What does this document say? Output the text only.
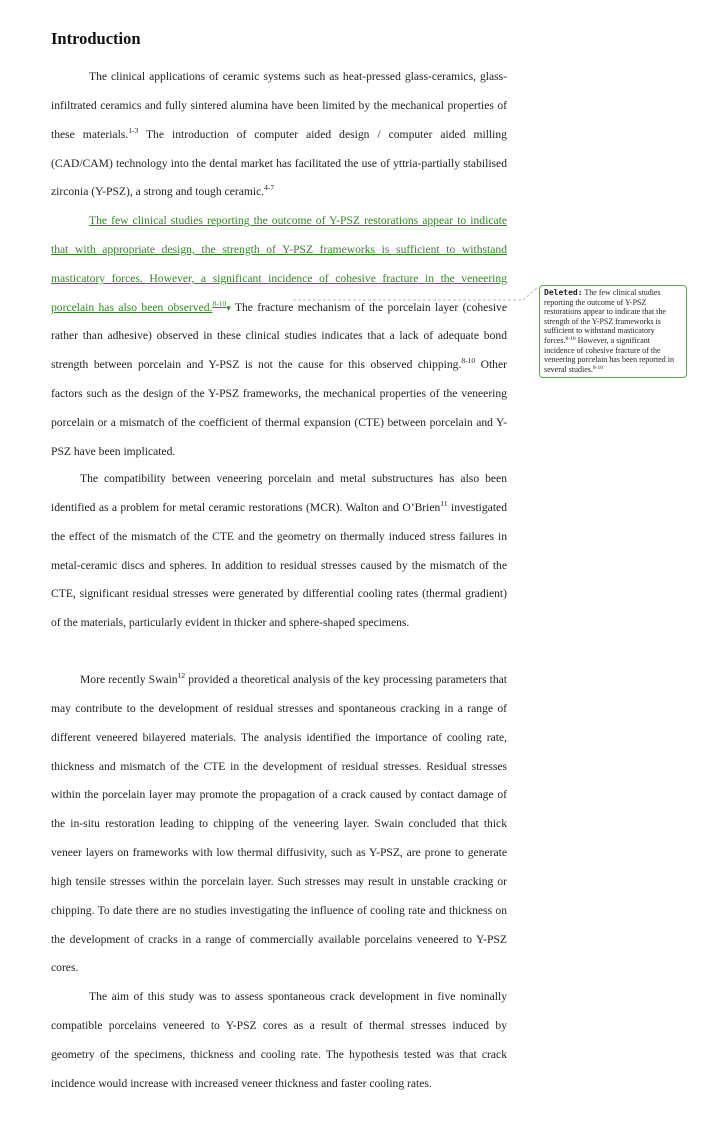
Introduction

The clinical applications of ceramic systems such as heat-pressed glass-ceramics, glass-infiltrated ceramics and fully sintered alumina have been limited by the mechanical properties of these materials.$^{1-3}$ The introduction of computer aided design / computer aided milling (CAD/CAM) technology into the dental market has facilitated the use of yttria-partially stabilised zirconia (Y-PSZ), a strong and tough ceramic.$^{4-7}$

The few clinical studies reporting the outcome of Y-PSZ restorations appear to indicate that with appropriate design, the strength of Y-PSZ frameworks is sufficient to withstand masticatory forces. However, a significant incidence of cohesive fracture in the veneering porcelain has also been observed.$^{8-10}$▾ The fracture mechanism of the porcelain layer (cohesive rather than adhesive) observed in these clinical studies indicates that a lack of adequate bond strength between porcelain and Y-PSZ is not the cause for this observed chipping.$^{8-10}$ Other factors such as the design of the Y-PSZ frameworks, the mechanical properties of the veneering porcelain or a mismatch of the coefficient of thermal expansion (CTE) between porcelain and Y-PSZ have been implicated.

The compatibility between veneering porcelain and metal substructures has also been identified as a problem for metal ceramic restorations (MCR). Walton and O’Brien$^{11}$ investigated the effect of the mismatch of the CTE and the geometry on thermally induced stress failures in metal-ceramic discs and spheres. In addition to residual stresses caused by the mismatch of the CTE, significant residual stresses were generated by differential cooling rates (thermal gradient) of the materials, particularly evident in thicker and sphere-shaped specimens.

More recently Swain$^{12}$ provided a theoretical analysis of the key processing parameters that may contribute to the development of residual stresses and spontaneous cracking in a range of different veneered bilayered materials. The analysis identified the importance of cooling rate, thickness and mismatch of the CTE in the development of residual stresses. Residual stresses within the porcelain layer may promote the propagation of a crack caused by contact damage of the in-situ restoration leading to chipping of the veneering layer. Swain concluded that thick veneer layers on frameworks with low thermal diffusivity, such as Y-PSZ, are prone to generate high tensile stresses within the porcelain layer. Such stresses may result in unstable cracking or chipping. To date there are no studies investigating the influence of cooling rate and thickness on the development of cracks in a range of commercially available porcelains veneered to Y-PSZ cores.

The aim of this study was to assess spontaneous crack development in five nominally compatible porcelains veneered to Y-PSZ cores as a result of thermal stresses induced by geometry of the specimens, thickness and cooling rate. The hypothesis tested was that crack incidence would increase with increased veneer thickness and faster cooling rates.

Deleted: The few clinical studies reporting the outcome of Y-PSZ restorations appear to indicate that the strength of the Y-PSZ frameworks is sufficient to withstand masticatory forces.$^{8-10}$ However, a significant incidence of cohesive fracture of the veneering porcelain has been reported in several studies.$^{8-10}$
